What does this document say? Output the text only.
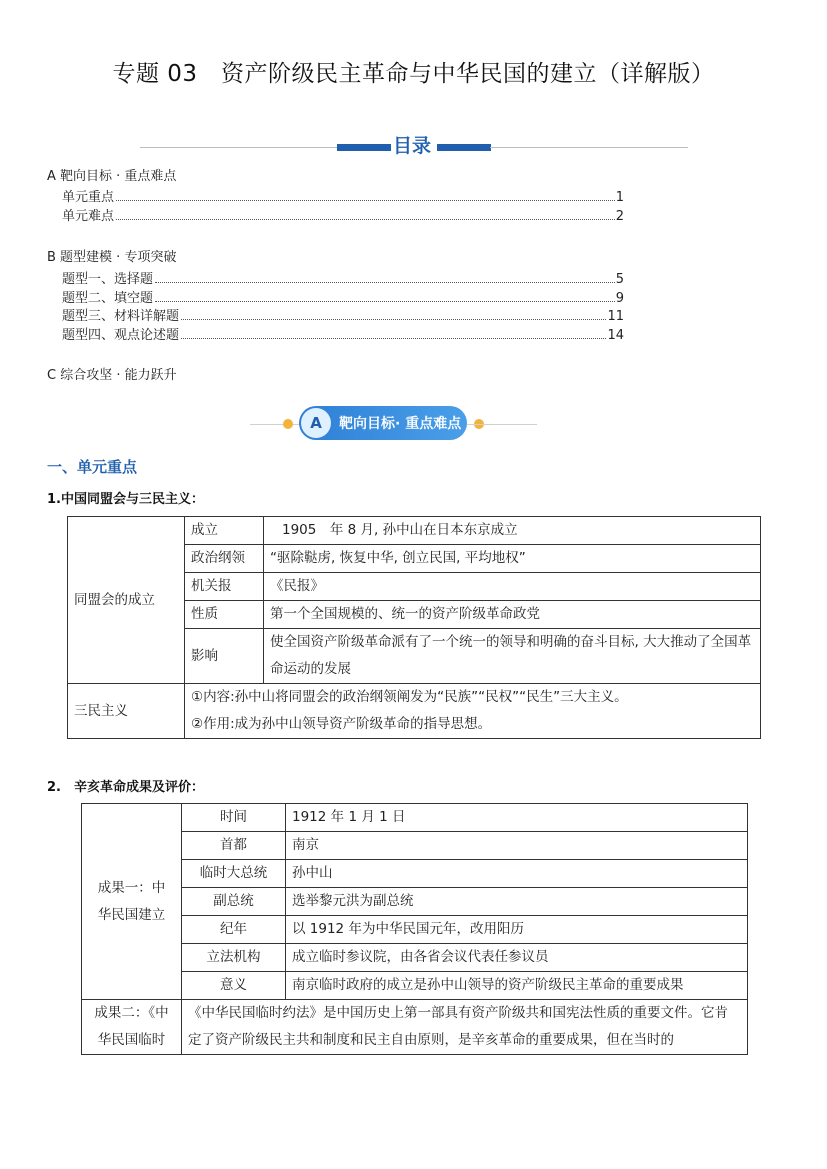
专题 03　资产阶级民主革命与中华民国的建立（详解版）
目录
A 靶向目标 · 重点难点
单元重点	1
单元难点	2
B 题型建模 · 专项突破
题型一、选择题	5
题型二、填空题	9
题型三、材料详解题	11
题型四、观点论述题	14
C 综合攻坚 · 能力跃升
A	靶向目标· 重点难点
一、单元重点
1.中国同盟会与三民主义：
同盟会的成立	成立	1905　年 8 月, 孙中山在日本东京成立
	政治纲领	“驱除鞑虏, 恢复中华, 创立民国, 平均地权”
	机关报	《民报》
	性质	第一个全国规模的、统一的资产阶级革命政党
	影响	使全国资产阶级革命派有了一个统一的领导和明确的奋斗目标, 大大推动了全国革命运动的发展
三民主义	①内容:孙中山将同盟会的政治纲领阐发为“民族”“民权”“民生”三大主义。
②作用:成为孙中山领导资产阶级革命的指导思想。	
2.　辛亥革命成果及评价：
成果一：中华民国建立	时间	1912 年 1 月 1 日
	首都	南京
	临时大总统	孙中山
	副总统	选举黎元洪为副总统
	纪年	以 1912 年为中华民国元年，改用阳历
	立法机构	成立临时参议院，由各省会议代表任参议员
	意义	南京临时政府的成立是孙中山领导的资产阶级民主革命的重要成果
成果二：《中华民国临时	《中华民国临时约法》是中国历史上第一部具有资产阶级共和国宪法性质的重要文件。它肯定了资产阶级民主共和制度和民主自由原则，是辛亥革命的重要成果，但在当时的	
